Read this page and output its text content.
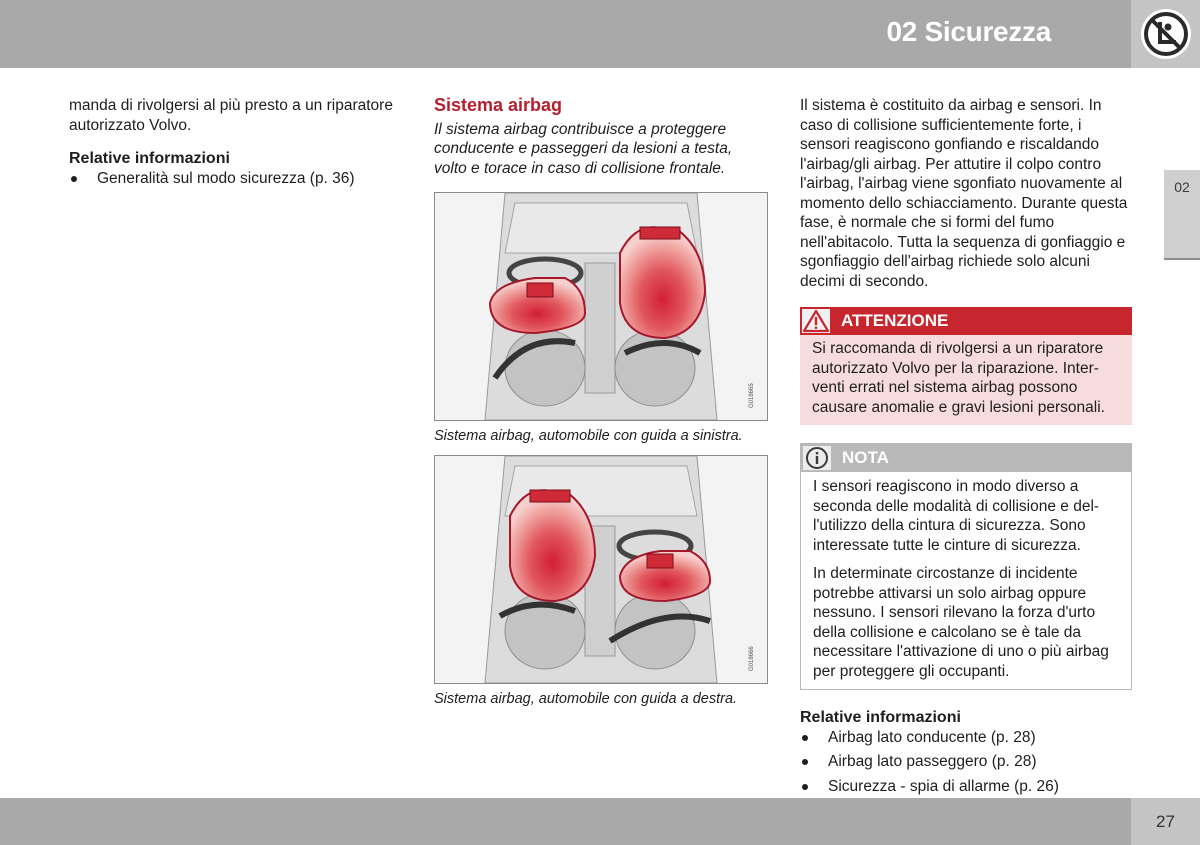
02 Sicurezza
02

manda di rivolgersi al più presto a un riparatore autorizzato Volvo.

Relative informazioni
Generalità sul modo sicurezza (p. 36)
Sistema airbag

Il sistema airbag contribuisce a proteggere conducente e passeggeri da lesioni a testa, volto e torace in caso di collisione frontale.

G018665
Sistema airbag, automobile con guida a sinistra.
G018666
Sistema airbag, automobile con guida a destra.

Il sistema è costituito da airbag e sensori. In caso di collisione sufficientemente forte, i sensori reagiscono gonfiando e riscaldando l'airbag/gli airbag. Per attutire il colpo contro l'airbag, l'airbag viene sgonfiato nuovamente al momento dello schiacciamento. Durante questa fase, è normale che si formi del fumo nell'abitacolo. Tutta la sequenza di gonfiaggio e sgonfiaggio dell'airbag richiede solo alcuni decimi di secondo.

ATTENZIONE
Si raccomanda di rivolgersi a un riparatore autorizzato Volvo per la riparazione. Interventi errati nel sistema airbag possono causare anomalie e gravi lesioni personali.
NOTA

I sensori reagiscono in modo diverso a seconda delle modalità di collisione e dell'utilizzo della cintura di sicurezza. Sono interessate tutte le cinture di sicurezza.

In determinate circostanze di incidente potrebbe attivarsi un solo airbag oppure nessuno. I sensori rilevano la forza d'urto della collisione e calcolano se è tale da necessitare l'attivazione di uno o più airbag per proteggere gli occupanti.

Relative informazioni
Airbag lato conducente (p. 28)
Airbag lato passeggero (p. 28)
Sicurezza - spia di allarme (p. 26)
27
